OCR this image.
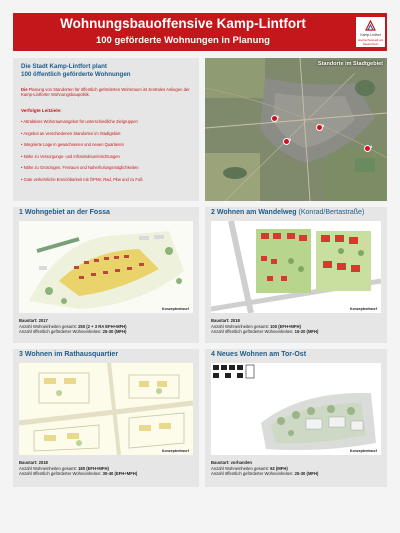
Wohnungsbauoffensive Kamp-Lintfort
100 geförderte Wohnungen in Planung	Kamp-Lintfort
Hochschulstadt am Niederrhein
Die Stadt Kamp-Lintfort plant
100 öffentlich geförderte Wohnungen
Die Planung von Standorten für öffentlich geförderten Wohnraum ist zentrales Anliegen der Kamp-Lintforter Wohnungsbaupolitik.
Verfolgte Leitziele:
• Attraktives Wohnraumangebot für unterschiedliche Zielgruppen
• Angebot an verschiedenen Standorten im Stadtgebiet
• Integrierte Lage in gewachsenen und neuen Quartieren
• Nähe zu Versorgungs- und Infrastruktureinrichtungen
• Nähe zu Grünzügen, Freiraum und Naherholungsmöglichkeiten
• Gute verkehrliche Erreichbarkeit mit ÖPNV, Rad, Pkw und zu Fuß
Standorte im Stadtgebiet
1
2
3
4
1 Wohngebiet an der Fossa
Konzeptentwurf
Baustart: 2017
Anzahl Wohneinheiten gesamt: 250 (2 + 3 RA EFH+MFH)
Anzahl öffentlich geförderter Wohneinheiten: 25-30 (MFH)
2 Wohnen am Wandelweg (Konrad/Bertastraße)
Konzeptentwurf
Baustart: 2018
Anzahl Wohneinheiten gesamt: 100 (EFH+MFH)
Anzahl öffentlich geförderter Wohneinheiten: 15-20 (MFH)
3 Wohnen im Rathausquartier
Konzeptentwurf
Baustart: 2018
Anzahl Wohneinheiten gesamt: 180 (EFH+MFH)
Anzahl öffentlich geförderter Wohneinheiten: 30-40 (EFH+MFH)
4 Neues Wohnen am Tor-Ost
Konzeptentwurf
Baustart: vorhanden
Anzahl Wohneinheiten gesamt: 62 (MFH)
Anzahl öffentlich geförderter Wohneinheiten: 25-30 (MFH)
